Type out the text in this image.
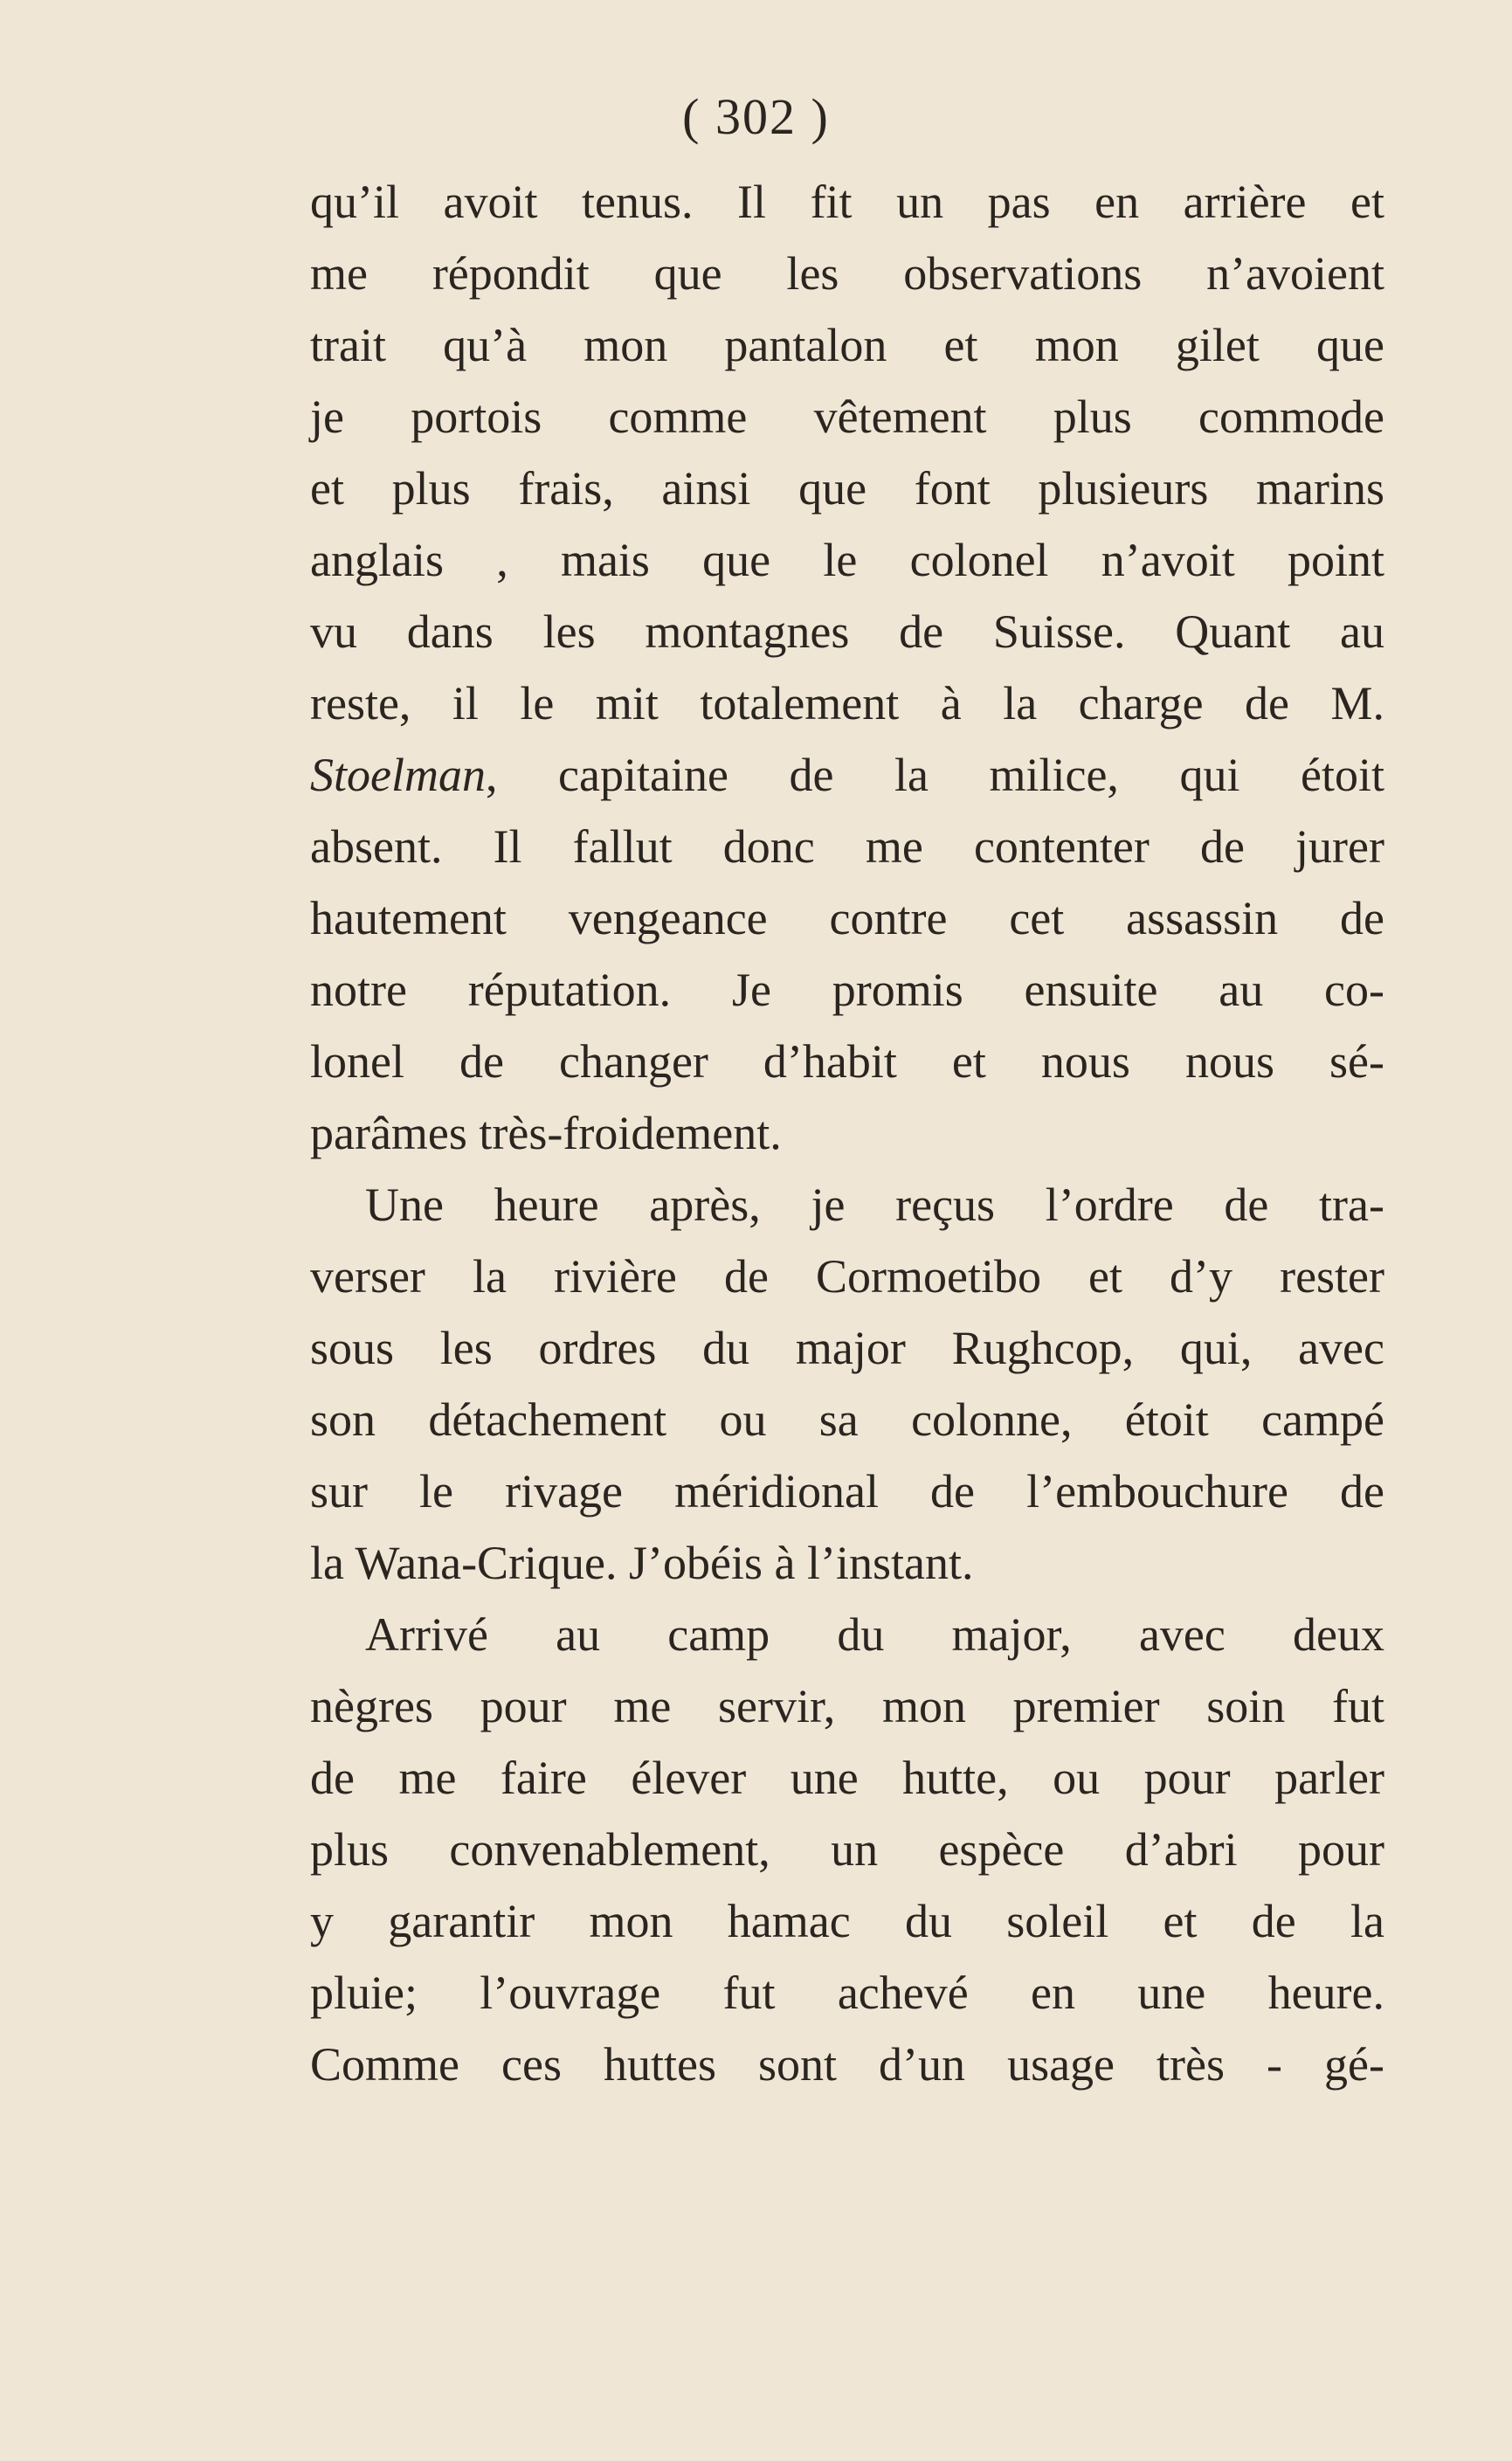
( 302 )
qu’il avoit tenus. Il fit un pas en arrière et
me répondit que les observations n’avoient
trait qu’à mon pantalon et mon gilet que
je portois comme vêtement plus commode
et plus frais, ainsi que font plusieurs marins
anglais , mais que le colonel n’avoit point
vu dans les montagnes de Suisse. Quant au
reste, il le mit totalement à la charge de M.
Stoelman, capitaine de la milice, qui étoit
absent. Il fallut donc me contenter de jurer
hautement vengeance contre cet assassin de
notre réputation. Je promis ensuite au co-
lonel de changer d’habit et nous nous sé-
parâmes très-froidement.
Une heure après, je reçus l’ordre de tra-
verser la rivière de Cormoetibo et d’y rester
sous les ordres du major Rughcop, qui, avec
son détachement ou sa colonne, étoit campé
sur le rivage méridional de l’embouchure de
la Wana-Crique. J’obéis à l’instant.
Arrivé au camp du major, avec deux
nègres pour me servir, mon premier soin fut
de me faire élever une hutte, ou pour parler
plus convenablement, un espèce d’abri pour
y garantir mon hamac du soleil et de la
pluie; l’ouvrage fut achevé en une heure.
Comme ces huttes sont d’un usage très - gé-
